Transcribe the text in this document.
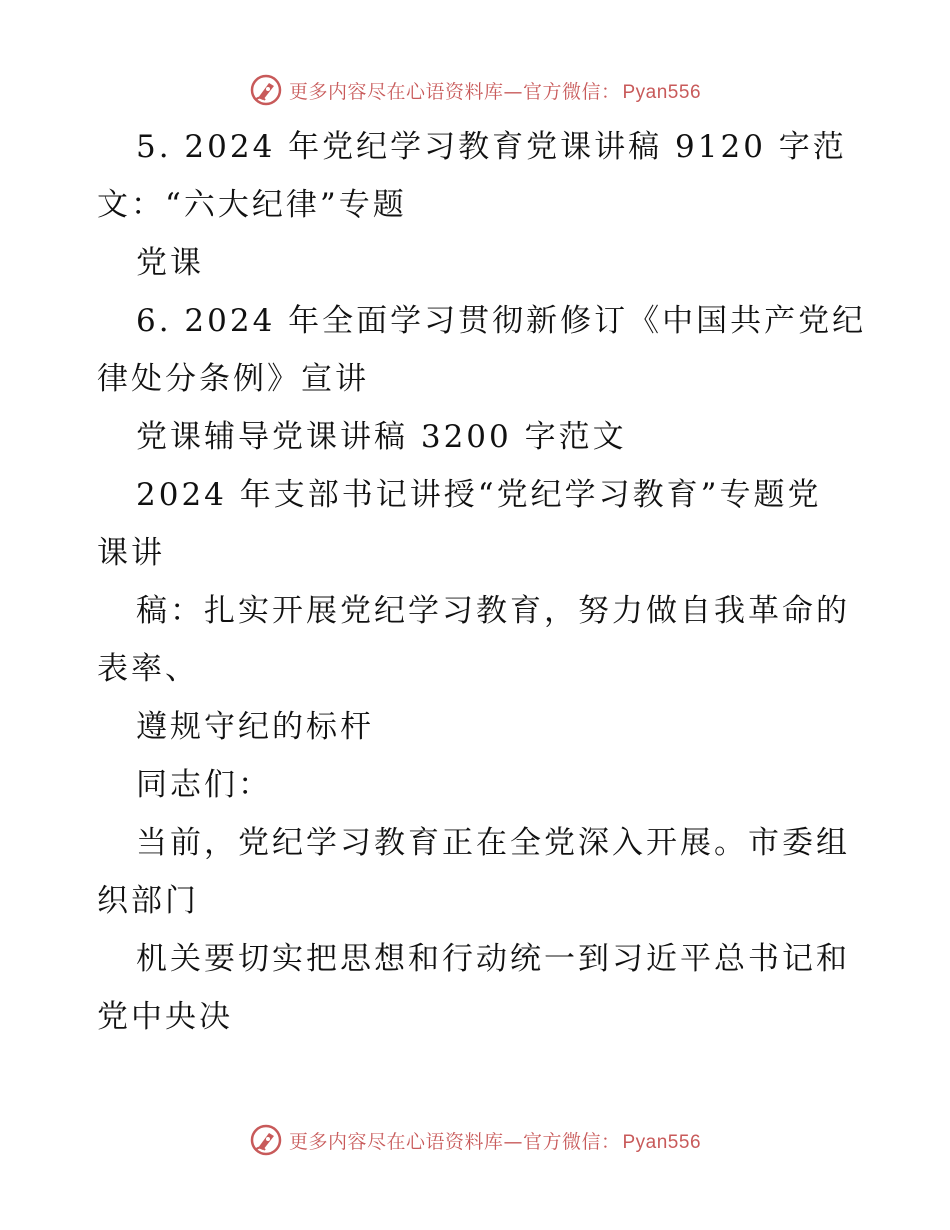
更多内容尽在心语资料库—官方微信： Pyan556
5. 2024 年党纪学习教育党课讲稿 9120 字范
文：“六大纪律”专题
党课
6. 2024 年全面学习贯彻新修订《中国共产党纪
律处分条例》宣讲
党课辅导党课讲稿 3200 字范文
2024 年支部书记讲授“党纪学习教育”专题党
课讲
稿：扎实开展党纪学习教育，努力做自我革命的
表率、
遵规守纪的标杆
同志们：
当前，党纪学习教育正在全党深入开展。市委组
织部门
机关要切实把思想和行动统一到习近平总书记和
党中央决
更多内容尽在心语资料库—官方微信： Pyan556
